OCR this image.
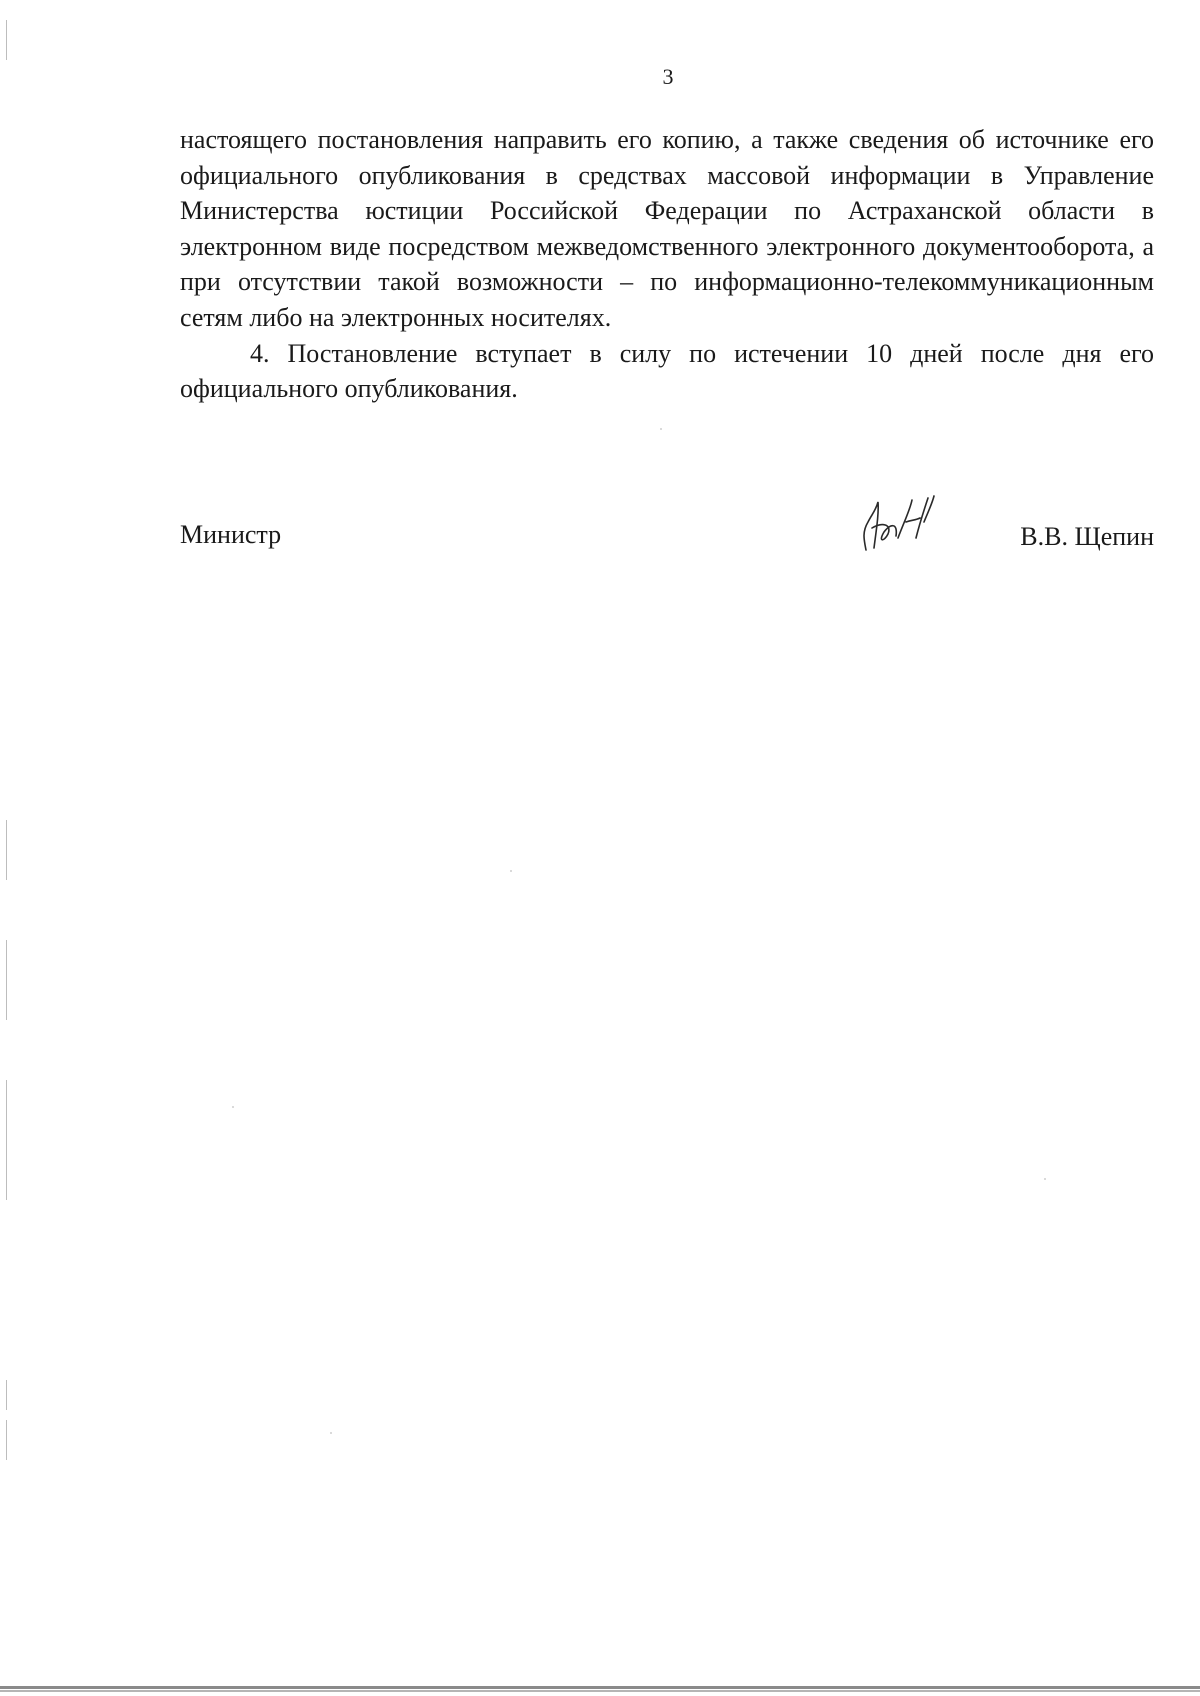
3

настоящего постановления направить его копию, а также сведения об источнике его официального опубликования в средствах массовой информации в Управление Министерства юстиции Российской Федерации по Астраханской области в электронном виде посредством межведомственного электронного документооборота, а при отсутствии такой возможности – по информационно-телекоммуникационным сетям либо на электронных носителях.

4. Постановление вступает в силу по истечении 10 дней после дня его официального опубликования.

Министр	В.В. Щепин
